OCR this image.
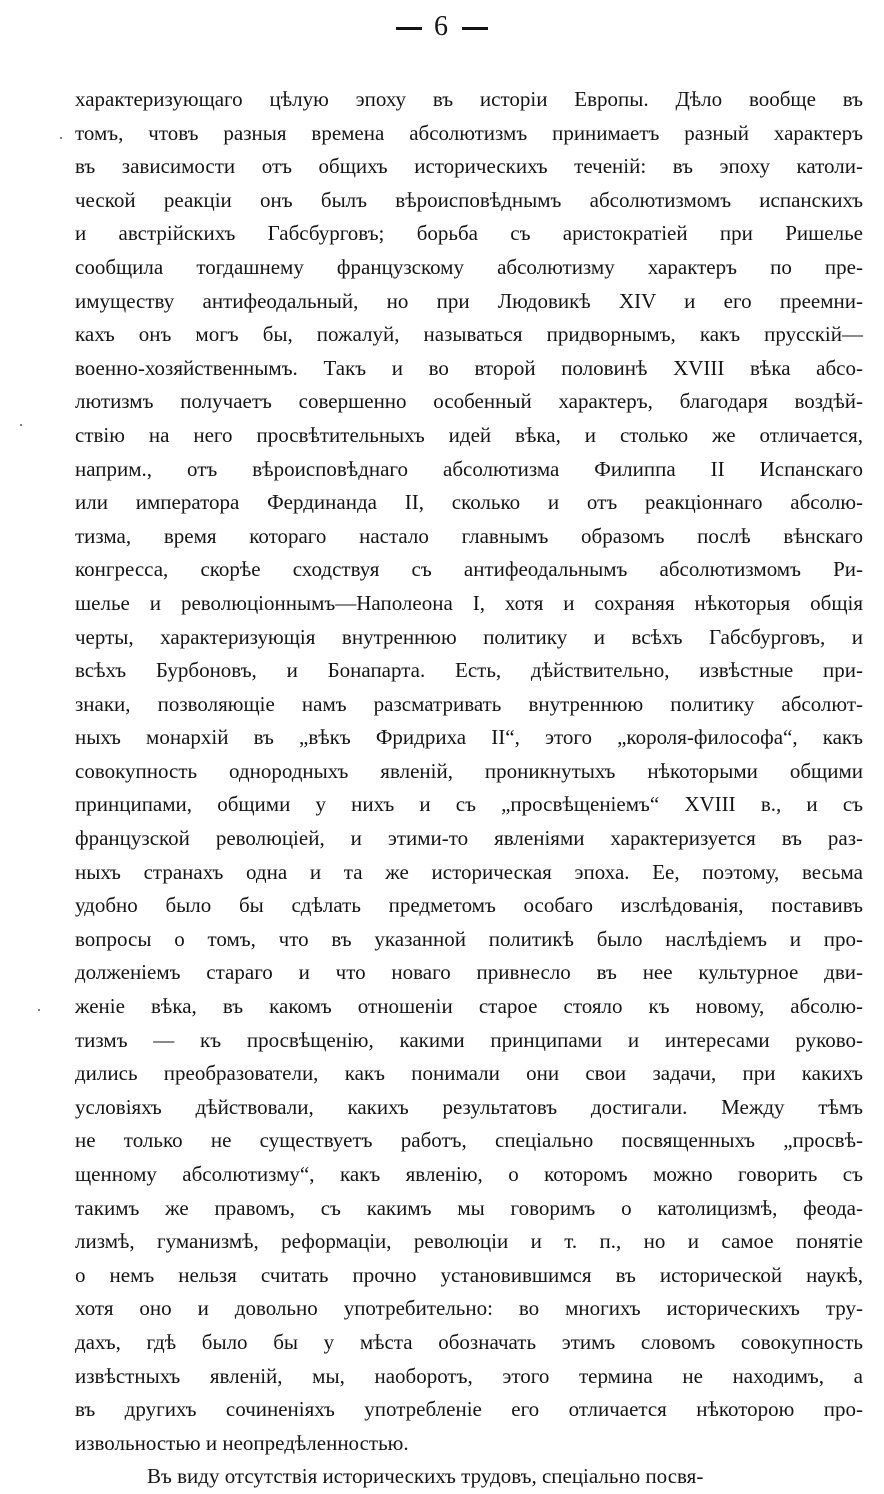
6
характеризующаго цѣлую эпоху въ исторіи Европы. Дѣло вообще въ
томъ, чтовъ разныя времена абсолютизмъ принимаетъ разный характеръ
въ зависимости отъ общихъ историческихъ теченій: въ эпоху католи-
ческой реакціи онъ былъ вѣроисповѣднымъ абсолютизмомъ испанскихъ
и австрійскихъ Габсбурговъ; борьба съ аристократіей при Ришелье
сообщила тогдашнему французскому абсолютизму характеръ по пре-
имуществу антифеодальный, но при Людовикѣ XIV и его преемни-
кахъ онъ могъ бы, пожалуй, называться придворнымъ, какъ прусскій—
военно-хозяйственнымъ. Такъ и во второй половинѣ XVIII вѣка абсо-
лютизмъ получаетъ совершенно особенный характеръ, благодаря воздѣй-
ствію на него просвѣтительныхъ идей вѣка, и столько же отличается,
наприм., отъ вѣроисповѣднаго абсолютизма Филиппа II Испанскаго
или императора Фердинанда II, сколько и отъ реакціоннаго абсолю-
тизма, время котораго настало главнымъ образомъ послѣ вѣнскаго
конгресса, скорѣе сходствуя съ антифеодальнымъ абсолютизмомъ Ри-
шелье и революціоннымъ—Наполеона I, хотя и сохраняя нѣкоторыя общія
черты, характеризующія внутреннюю политику и всѣхъ Габсбурговъ, и
всѣхъ Бурбоновъ, и Бонапарта. Есть, дѣйствительно, извѣстные при-
знаки, позволяющіе намъ разсматривать внутреннюю политику абсолют-
ныхъ монархій въ „вѣкъ Фридриха II“, этого „короля-философа“, какъ
совокупность однородныхъ явленій, проникнутыхъ нѣкоторыми общими
принципами, общими у нихъ и съ „просвѣщеніемъ“ XVIII в., и съ
французской революціей, и этими-то явленіями характеризуется въ раз-
ныхъ странахъ одна и та же историческая эпоха. Ее, поэтому, весьма
удобно было бы сдѣлать предметомъ особаго изслѣдованія, поставивъ
вопросы о томъ, что въ указанной политикѣ было наслѣдіемъ и про-
долженіемъ стараго и что новаго привнесло въ нее культурное дви-
женіе вѣка, въ какомъ отношеніи старое стояло къ новому, абсолю-
тизмъ — къ просвѣщенію, какими принципами и интересами руково-
дились преобразователи, какъ понимали они свои задачи, при какихъ
условіяхъ дѣйствовали, какихъ результатовъ достигали. Между тѣмъ
не только не существуетъ работъ, спеціально посвященныхъ „просвѣ-
щенному абсолютизму“, какъ явленію, о которомъ можно говорить съ
такимъ же правомъ, съ какимъ мы говоримъ о католицизмѣ, феода-
лизмѣ, гуманизмѣ, реформаціи, революціи и т. п., но и самое понятіе
о немъ нельзя считать прочно установившимся въ исторической наукѣ,
хотя оно и довольно употребительно: во многихъ историческихъ тру-
дахъ, гдѣ было бы у мѣста обозначать этимъ словомъ совокупность
извѣстныхъ явленій, мы, наоборотъ, этого термина не находимъ, а
въ другихъ сочиненіяхъ употребленіе его отличается нѣкоторою про-
извольностью и неопредѣленностью.
Въ виду отсутствія историческихъ трудовъ, спеціально посвя-
